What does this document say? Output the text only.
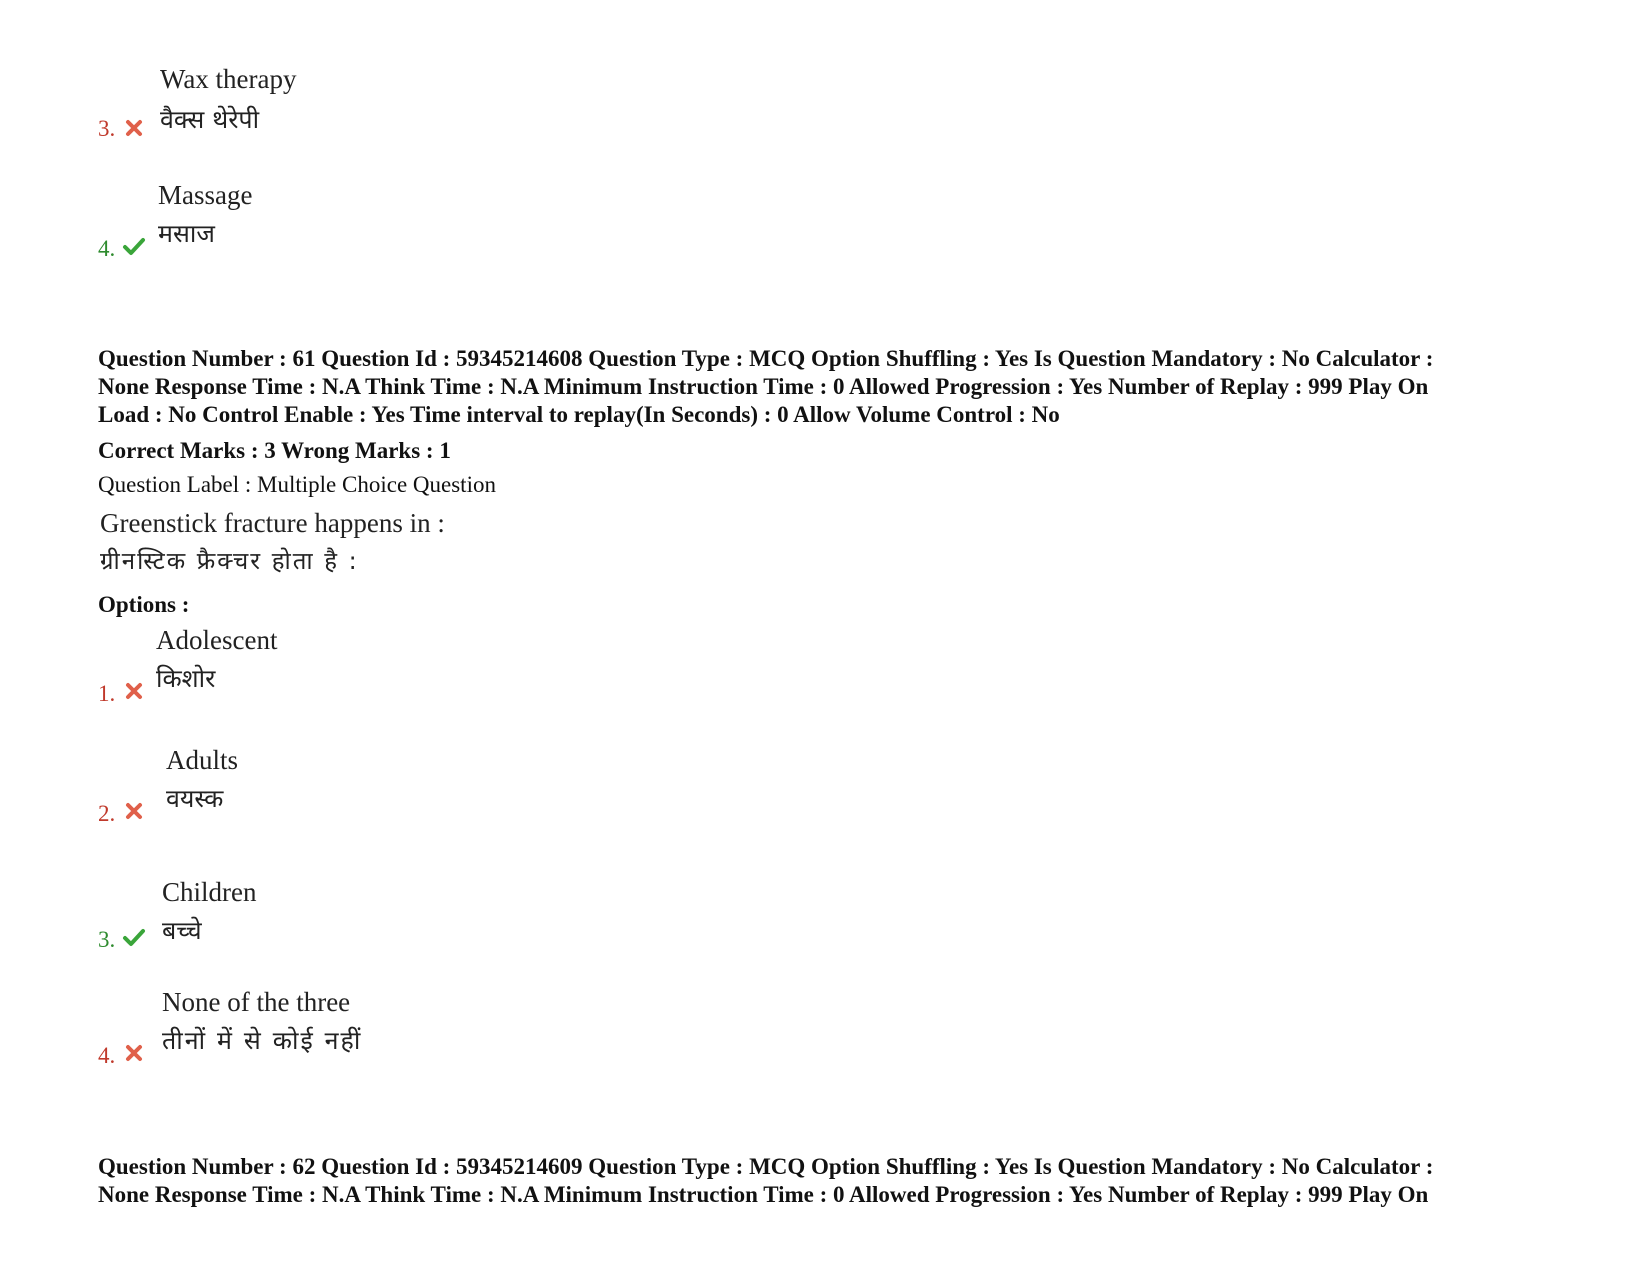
Wax therapy
वैक्स थेरेपी
3.
Massage
मसाज
4.
Question Number : 61 Question Id : 59345214608 Question Type : MCQ Option Shuffling : Yes Is Question Mandatory : No Calculator :
None Response Time : N.A Think Time : N.A Minimum Instruction Time : 0 Allowed Progression : Yes Number of Replay : 999 Play On
Load : No Control Enable : Yes Time interval to replay(In Seconds) : 0 Allow Volume Control : No
Correct Marks : 3 Wrong Marks : 1
Question Label : Multiple Choice Question
Greenstick fracture happens in :
ग्रीनस्टिक फ्रैक्चर होता है :
Options :
Adolescent
किशोर
1.
Adults
वयस्क
2.
Children
बच्चे
3.
None of the three
तीनों में से कोई नहीं
4.
Question Number : 62 Question Id : 59345214609 Question Type : MCQ Option Shuffling : Yes Is Question Mandatory : No Calculator :
None Response Time : N.A Think Time : N.A Minimum Instruction Time : 0 Allowed Progression : Yes Number of Replay : 999 Play On
